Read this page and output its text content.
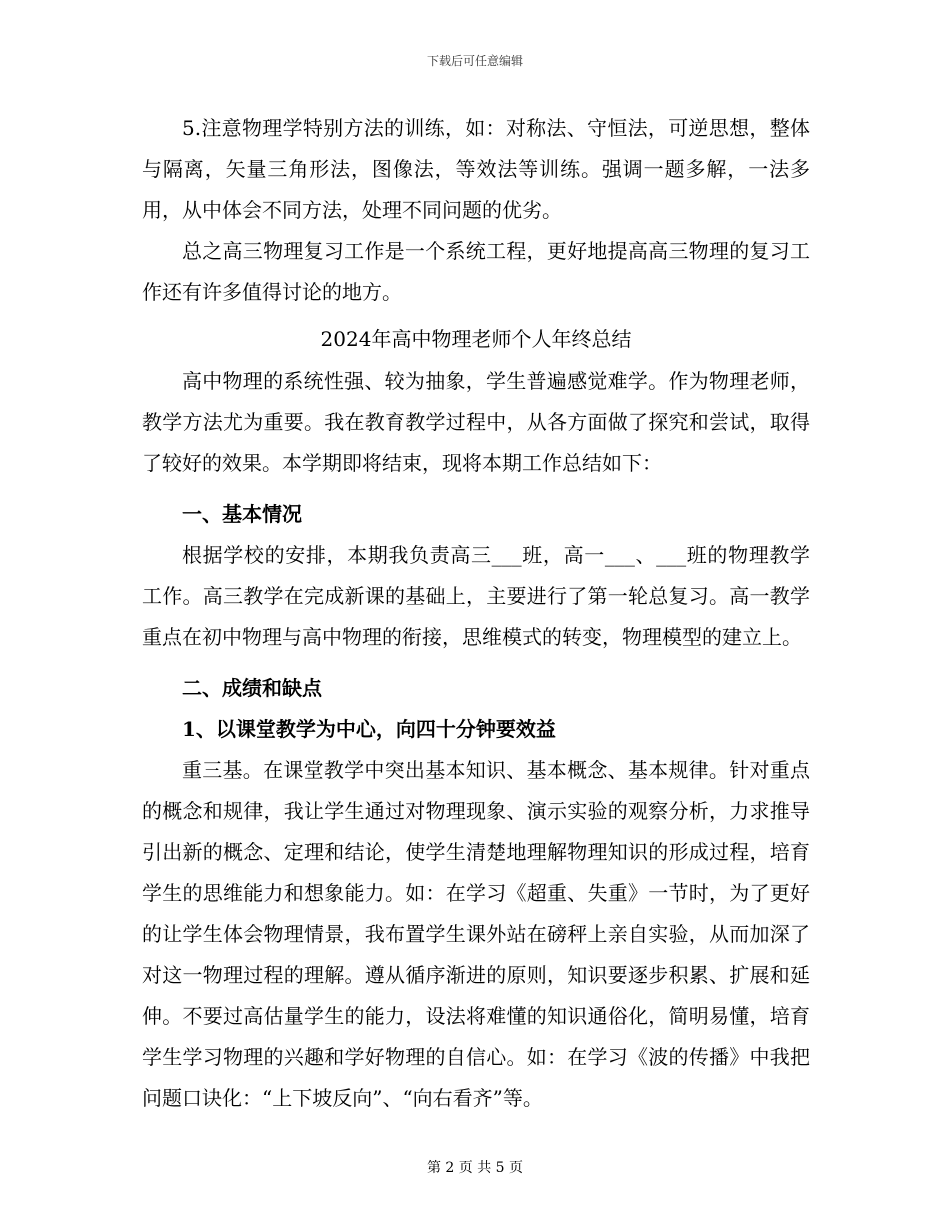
下载后可任意编辑

5.注意物理学特别方法的训练，如：对称法、守恒法，可逆思想，整体与隔离，矢量三角形法，图像法，等效法等训练。强调一题多解，一法多用，从中体会不同方法，处理不同问题的优劣。

总之高三物理复习工作是一个系统工程，更好地提高高三物理的复习工作还有许多值得讨论的地方。

2024年高中物理老师个人年终总结

高中物理的系统性强、较为抽象，学生普遍感觉难学。作为物理老师，教学方法尤为重要。我在教育教学过程中，从各方面做了探究和尝试，取得了较好的效果。本学期即将结束，现将本期工作总结如下：

一、基本情况

根据学校的安排，本期我负责高三___班，高一___、___班的物理教学工作。高三教学在完成新课的基础上，主要进行了第一轮总复习。高一教学重点在初中物理与高中物理的衔接，思维模式的转变，物理模型的建立上。

二、成绩和缺点

1、以课堂教学为中心，向四十分钟要效益

重三基。在课堂教学中突出基本知识、基本概念、基本规律。针对重点的概念和规律，我让学生通过对物理现象、演示实验的观察分析，力求推导引出新的概念、定理和结论，使学生清楚地理解物理知识的形成过程，培育学生的思维能力和想象能力。如：在学习《超重、失重》一节时，为了更好的让学生体会物理情景，我布置学生课外站在磅秤上亲自实验，从而加深了对这一物理过程的理解。遵从循序渐进的原则，知识要逐步积累、扩展和延伸。不要过高估量学生的能力，设法将难懂的知识通俗化，简明易懂，培育学生学习物理的兴趣和学好物理的自信心。如：在学习《波的传播》中我把问题口诀化：“上下坡反向”、“向右看齐”等。

第 2 页 共 5 页
